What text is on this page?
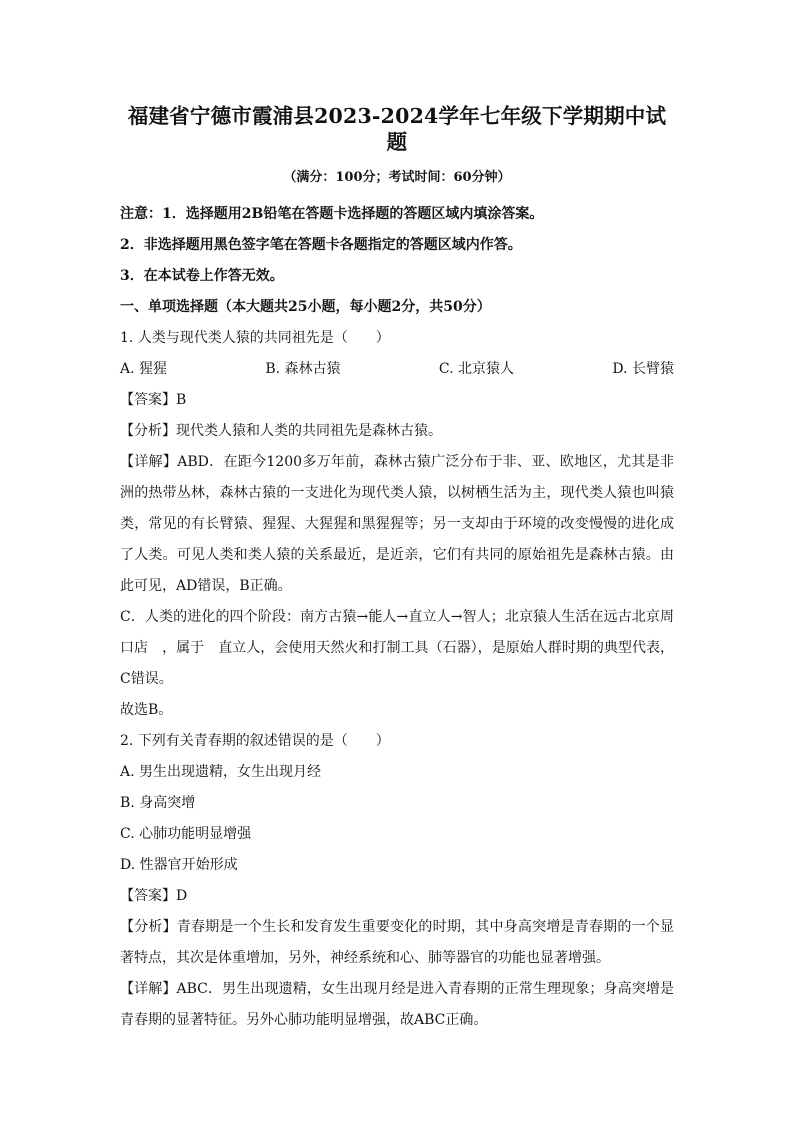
福建省宁德市霞浦县2023-2024学年七年级下学期期中试题
（满分：100分；考试时间：60分钟）

注意：1．选择题用2B铅笔在答题卡选择题的答题区域内填涂答案。

2．非选择题用黑色签字笔在答题卡各题指定的答题区域内作答。

3．在本试卷上作答无效。

一、单项选择题（本大题共25小题，每小题2分，共50分）

1. 人类与现代类人猿的共同祖先是（　　）

A. 猩猩	B. 森林古猿	C. 北京猿人	D. 长臂猿

【答案】B

【分析】现代类人猿和人类的共同祖先是森林古猿。

【详解】ABD．在距今1200多万年前，森林古猿广泛分布于非、亚、欧地区，尤其是非洲的热带丛林，森林古猿的一支进化为现代类人猿，以树栖生活为主，现代类人猿也叫猿类，常见的有长臂猿、猩猩、大猩猩和黑猩猩等；另一支却由于环境的改变慢慢的进化成了人类。可见人类和类人猿的关系最近，是近亲，它们有共同的原始祖先是森林古猿。由此可见，AD错误，B正确。

C．人类的进化的四个阶段：南方古猿→能人→直立人→智人；北京猿人生活在远古北京周口店　，属于　直立人，会使用天然火和打制工具（石器），是原始人群时期的典型代表，C错误。

故选B。

2. 下列有关青春期的叙述错误的是（　　）

A. 男生出现遗精，女生出现月经
B. 身高突增
C. 心肺功能明显增强
D. 性器官开始形成

【答案】D

【分析】青春期是一个生长和发育发生重要变化的时期，其中身高突增是青春期的一个显著特点，其次是体重增加，另外，神经系统和心、肺等器官的功能也显著增强。

【详解】ABC．男生出现遗精，女生出现月经是进入青春期的正常生理现象；身高突增是青春期的显著特征。另外心肺功能明显增强，故ABC正确。
